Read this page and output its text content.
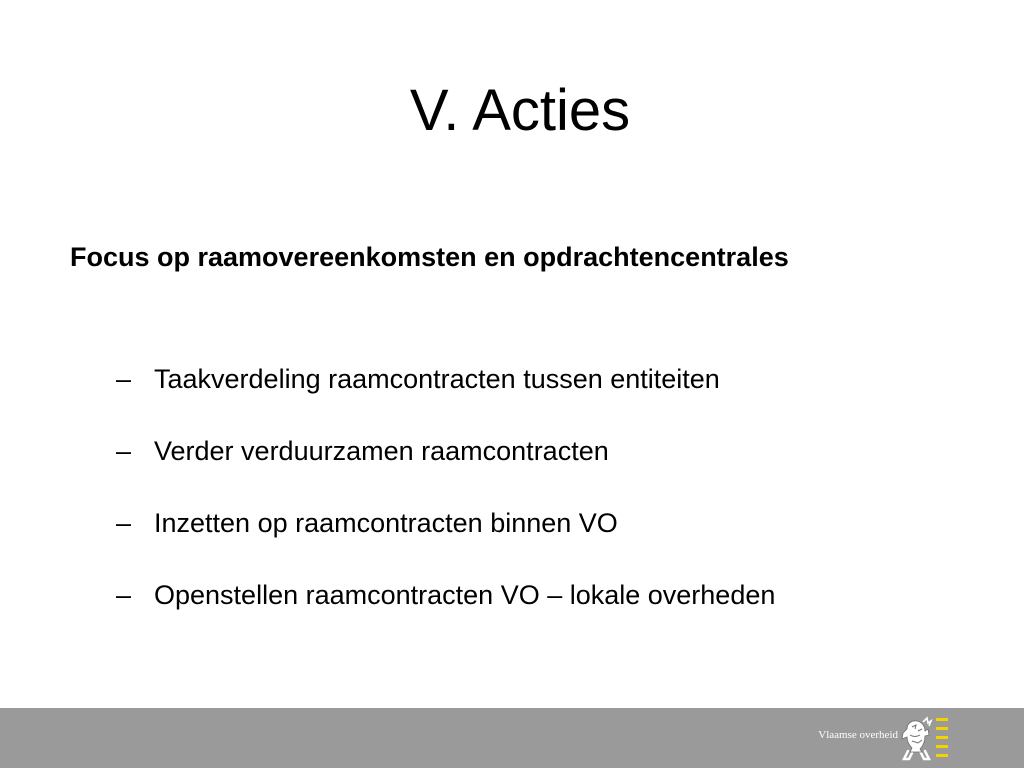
V. Acties
Focus op raamovereenkomsten en opdrachtencentrales
– Taakverdeling raamcontracten tussen entiteiten
– Verder verduurzamen raamcontracten
– Inzetten op raamcontracten binnen VO
– Openstellen raamcontracten VO – lokale overheden
Vlaamse overheid
